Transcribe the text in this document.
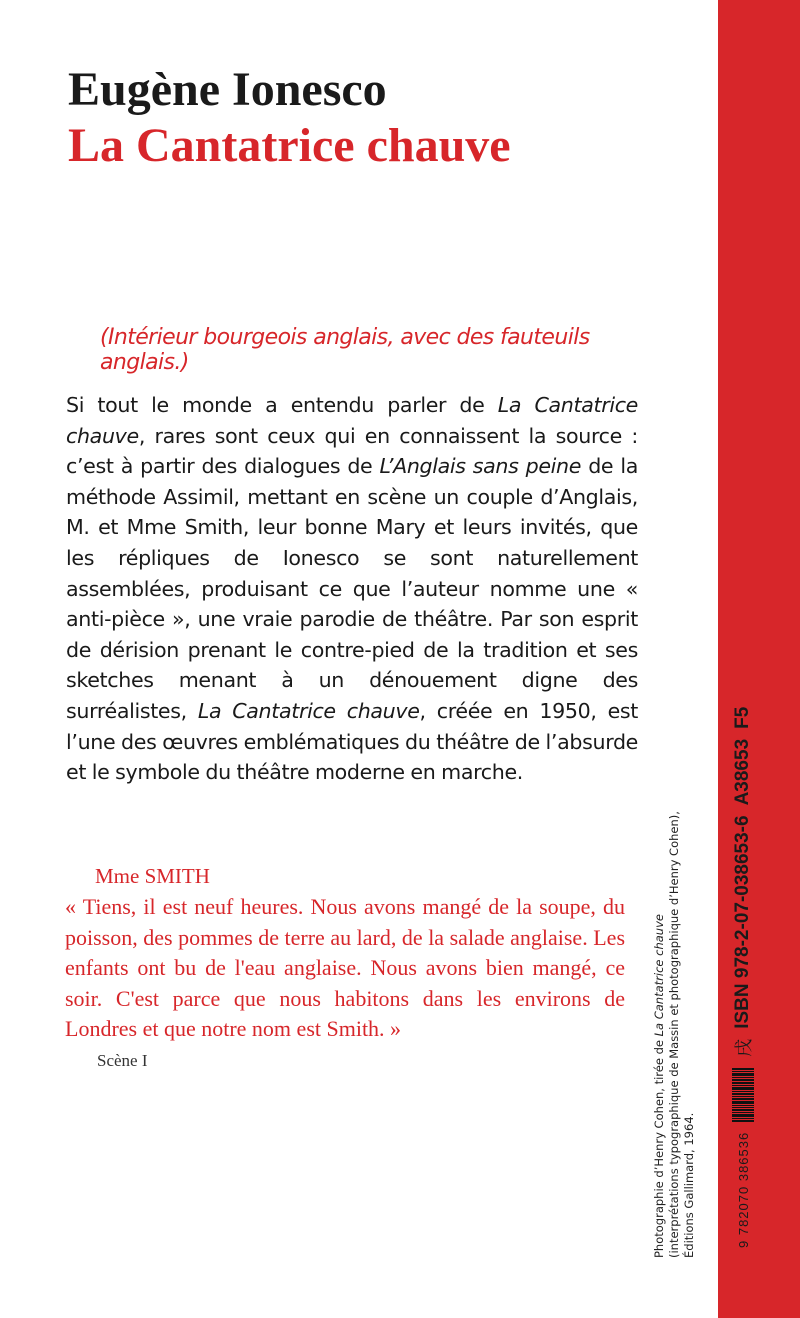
Eugène Ionesco
La Cantatrice chauve
(Intérieur bourgeois anglais, avec des fauteuils anglais.)
Si tout le monde a entendu parler de La Cantatrice chauve, rares sont ceux qui en connaissent la source : c’est à partir des dialogues de L’Anglais sans peine de la méthode Assimil, mettant en scène un couple d’Anglais, M. et Mme Smith, leur bonne Mary et leurs invités, que les répliques de Ionesco se sont naturellement assemblées, produisant ce que l’auteur nomme une « anti-pièce », une vraie parodie de théâtre. Par son esprit de dérision prenant le contre-pied de la tradition et ses sketches menant à un dénouement digne des surréalistes, La Cantatrice chauve, créée en 1950, est l’une des œuvres emblématiques du théâtre de l’absurde et le symbole du théâtre moderne en marche.
Mme SMITH
« Tiens, il est neuf heures. Nous avons mangé de la soupe, du poisson, des pommes de terre au lard, de la salade anglaise. Les enfants ont bu de l'eau anglaise. Nous avons bien mangé, ce soir. C'est parce que nous habitons dans les environs de Londres et que notre nom est Smith. »
Scène I	Photographie d’Henry Cohen, tirée de La Cantatrice chauve (interprétations typographique de Massin et photographique d’Henry Cohen), Éditions Gallimard, 1964.	9 782070 386536
戌
ISBN 978-2-07-038653-6
A38653
F5
